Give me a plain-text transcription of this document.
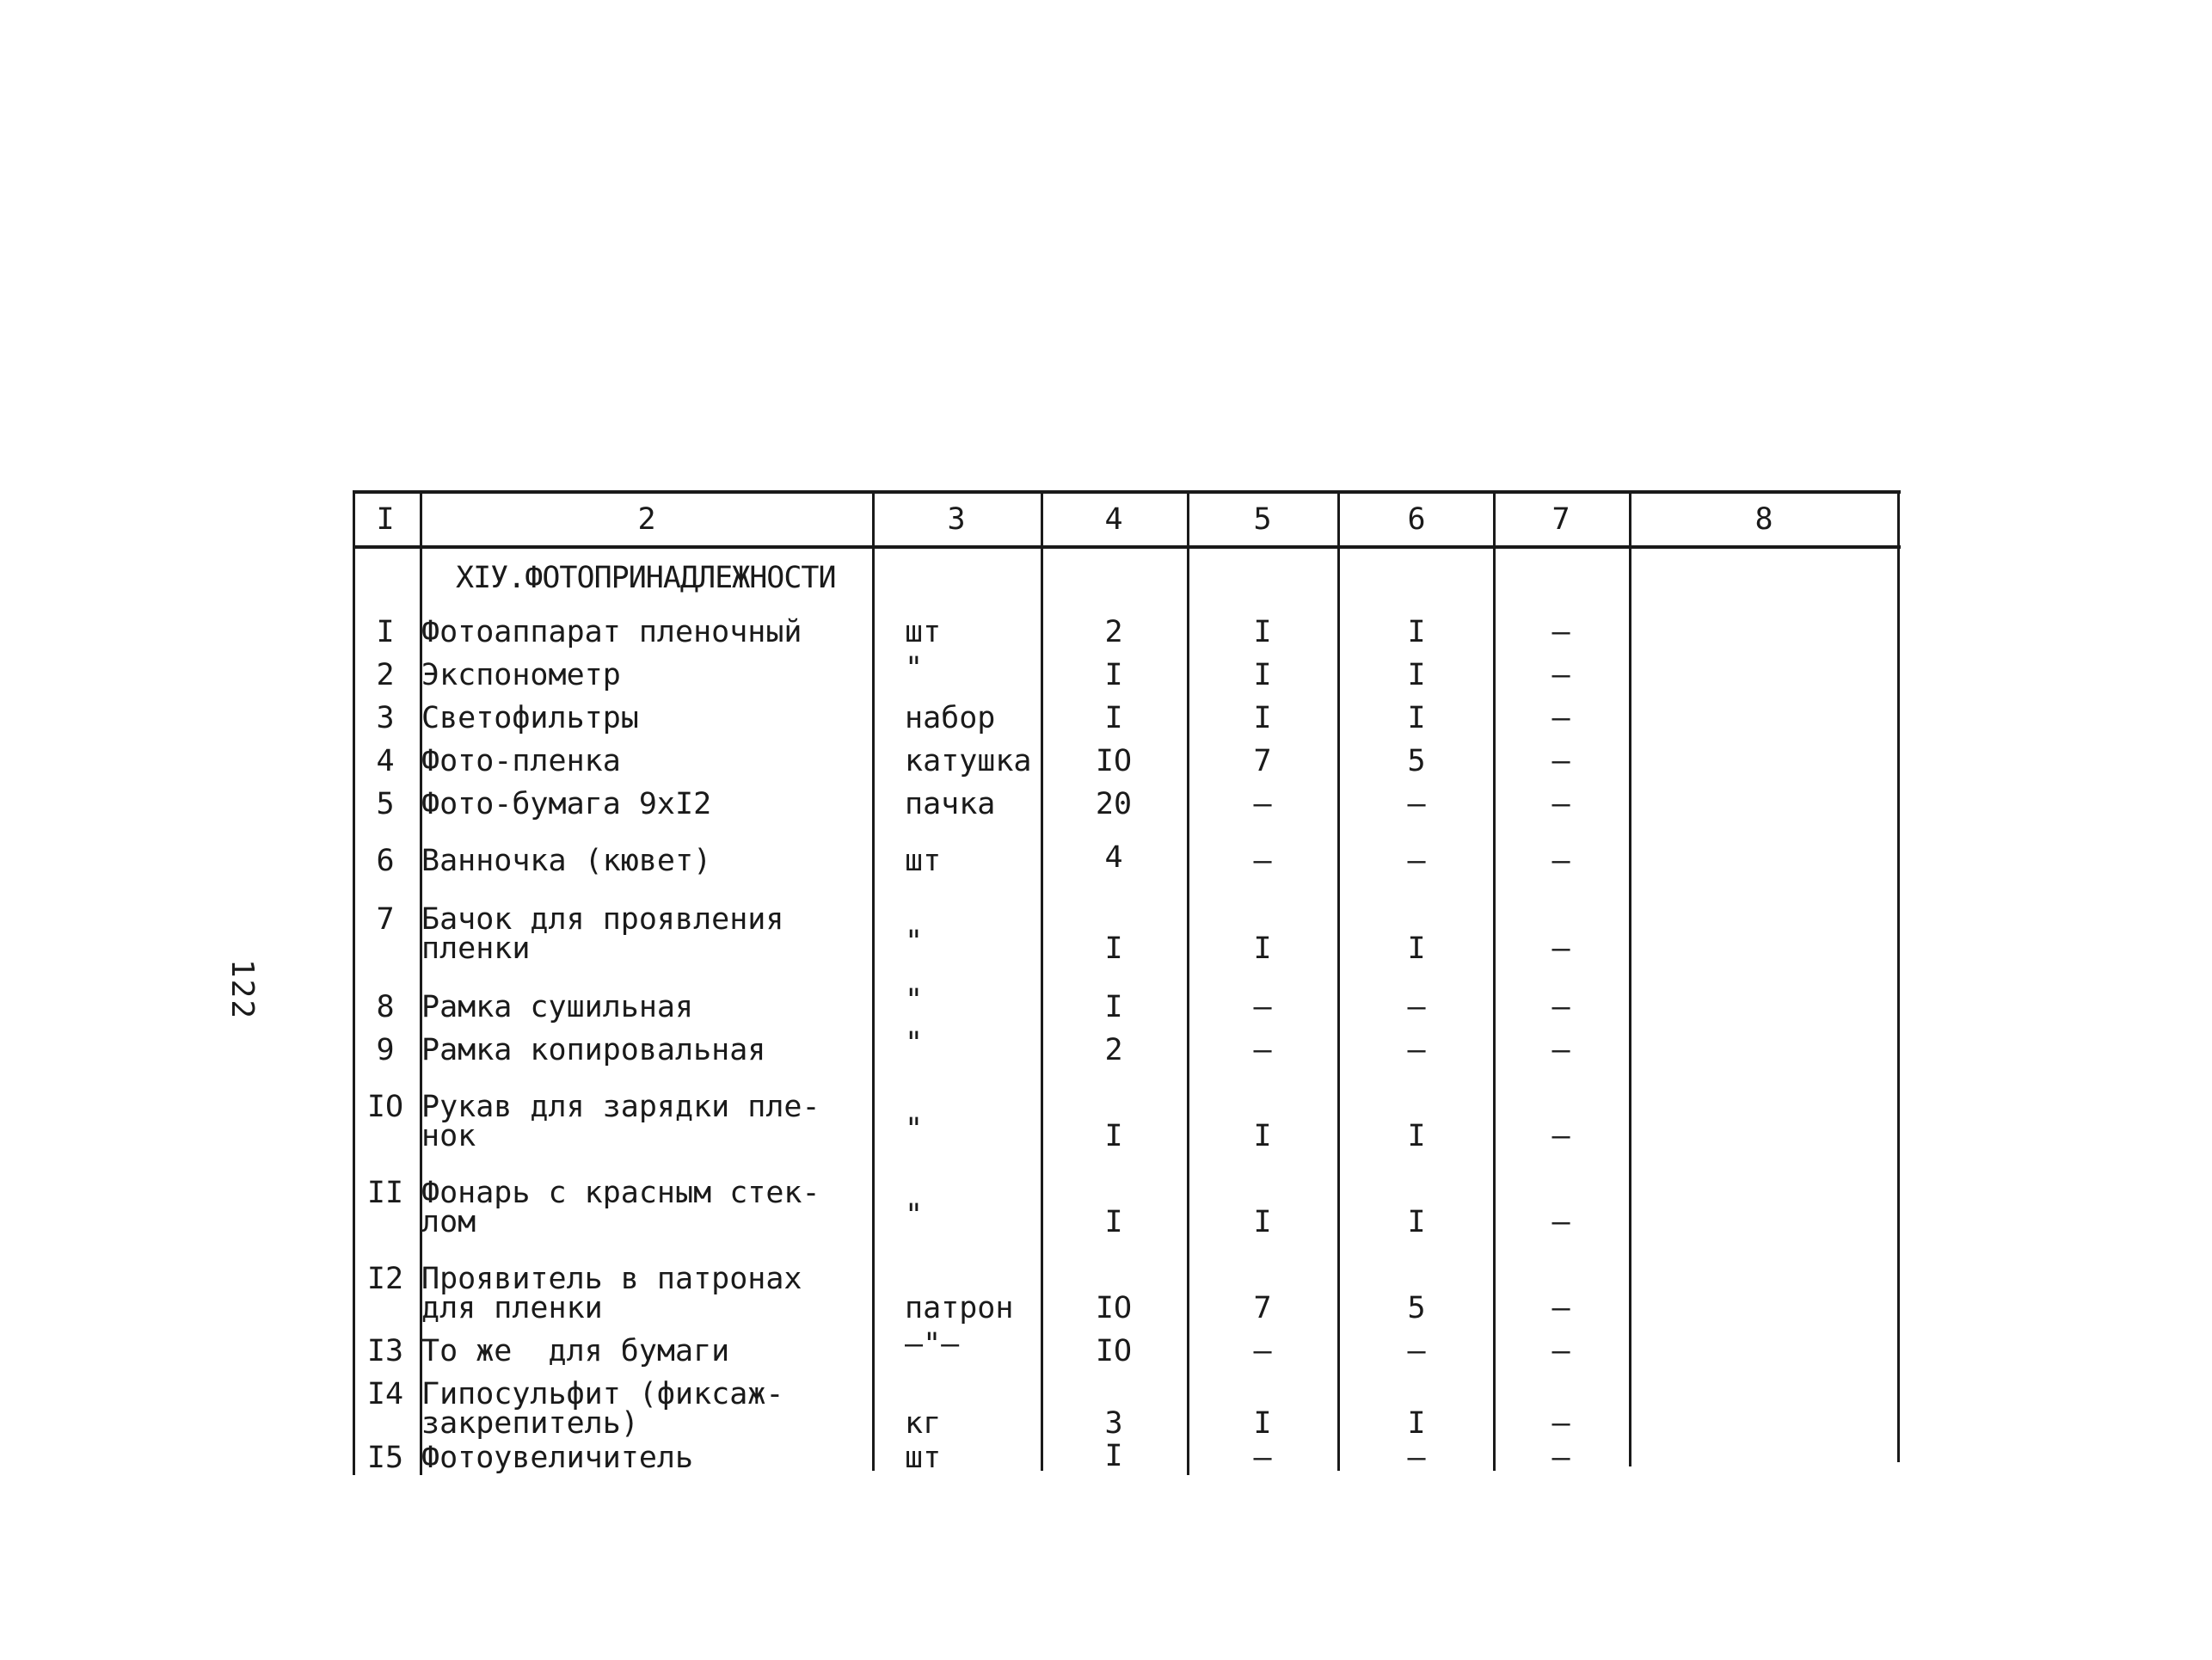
122
I	2	3	4	5	6	7	8
XIУ.ФОТОПРИНАДЛЕЖНОСТИ
I Фотоаппарат пленочный	шт	2	I	I	–
2 Экспонометр	"	I	I	I	–
3 Светофильтры	набор	I	I	I	–
4 Фото-пленка	катушка	IO	7	5	–
5 Фото-бумага 9хI2	пачка	20	–	–	–
6 Ванночка (кювет)	шт	4	–	–	–
7 Бачок для проявления
пленки	"	I	I	I	–
8 Рамка сушильная	"	I	–	–	–
9 Рамка копировальная	"	2	–	–	–
IO Рукав для зарядки пле-
нок	"	I	I	I	–
II Фонарь с красным стек-
лом	"	I	I	I	–
I2 Проявитель в патронах
для пленки	патрон	IO	7	5	–
I3 То же  для бумаги	–"–	IO	–	–	–
I4 Гипосульфит (фиксаж-
закрепитель)	кг	3	I	I	–
I5 Фотоувеличитель	шт	I	–	–	–
